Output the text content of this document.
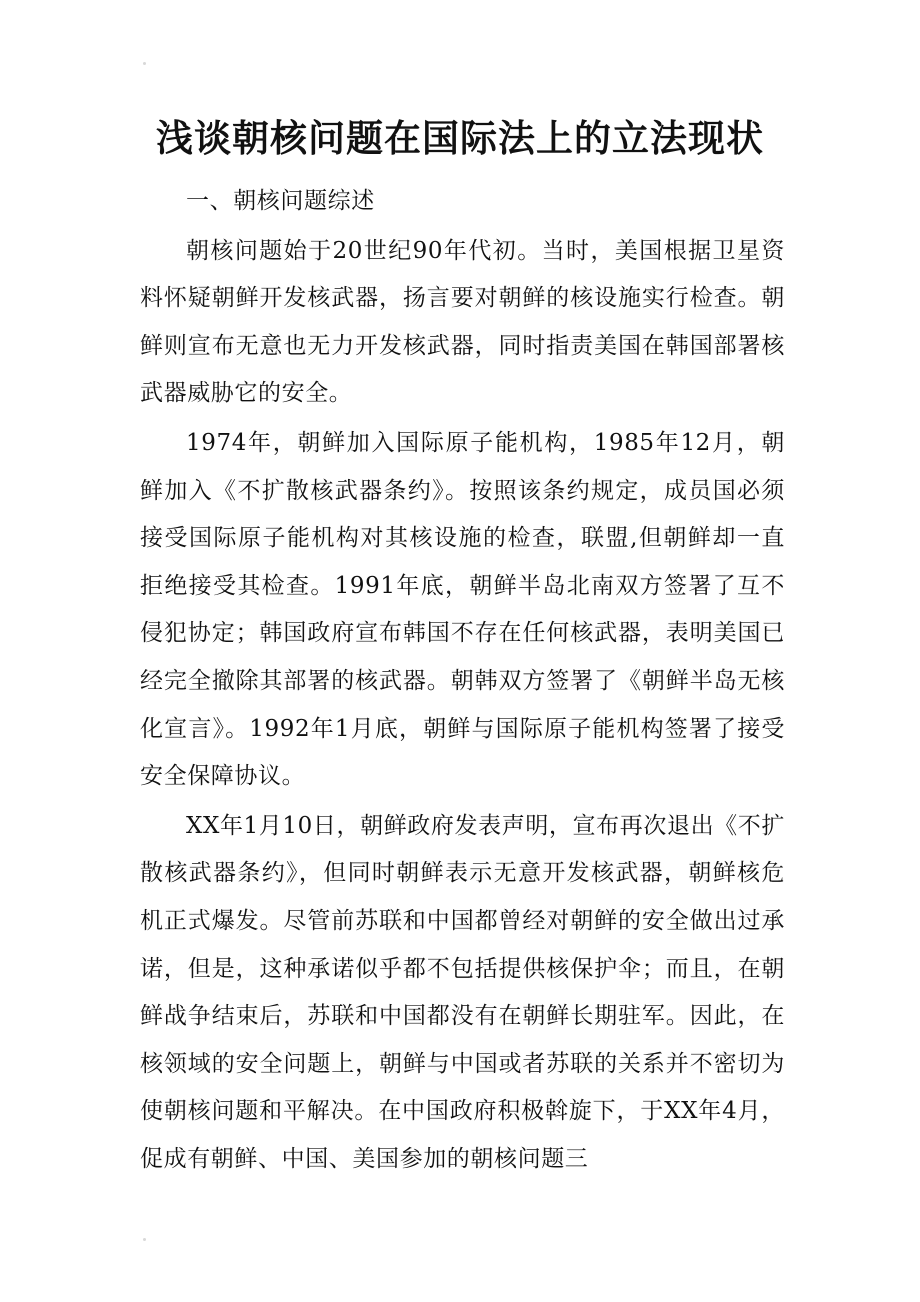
浅谈朝核问题在国际法上的立法现状

一、朝核问题综述

朝核问题始于20世纪90年代初。当时，美国根据卫星资料怀疑朝鲜开发核武器，扬言要对朝鲜的核设施实行检查。朝鲜则宣布无意也无力开发核武器，同时指责美国在韩国部署核武器威胁它的安全。

1974年，朝鲜加入国际原子能机构，1985年12月，朝鲜加入《不扩散核武器条约》。按照该条约规定，成员国必须接受国际原子能机构对其核设施的检查，联盟,但朝鲜却一直拒绝接受其检查。1991年底，朝鲜半岛北南双方签署了互不侵犯协定；韩国政府宣布韩国不存在任何核武器，表明美国已经完全撤除其部署的核武器。朝韩双方签署了《朝鲜半岛无核化宣言》。1992年1月底，朝鲜与国际原子能机构签署了接受安全保障协议。

XX年1月10日，朝鲜政府发表声明，宣布再次退出《不扩散核武器条约》，但同时朝鲜表示无意开发核武器，朝鲜核危机正式爆发。尽管前苏联和中国都曾经对朝鲜的安全做出过承诺，但是，这种承诺似乎都不包括提供核保护伞；而且，在朝鲜战争结束后，苏联和中国都没有在朝鲜长期驻军。因此，在核领域的安全问题上，朝鲜与中国或者苏联的关系并不密切为使朝核问题和平解决。在中国政府积极斡旋下，于XX年4月，促成有朝鲜、中国、美国参加的朝核问题三
